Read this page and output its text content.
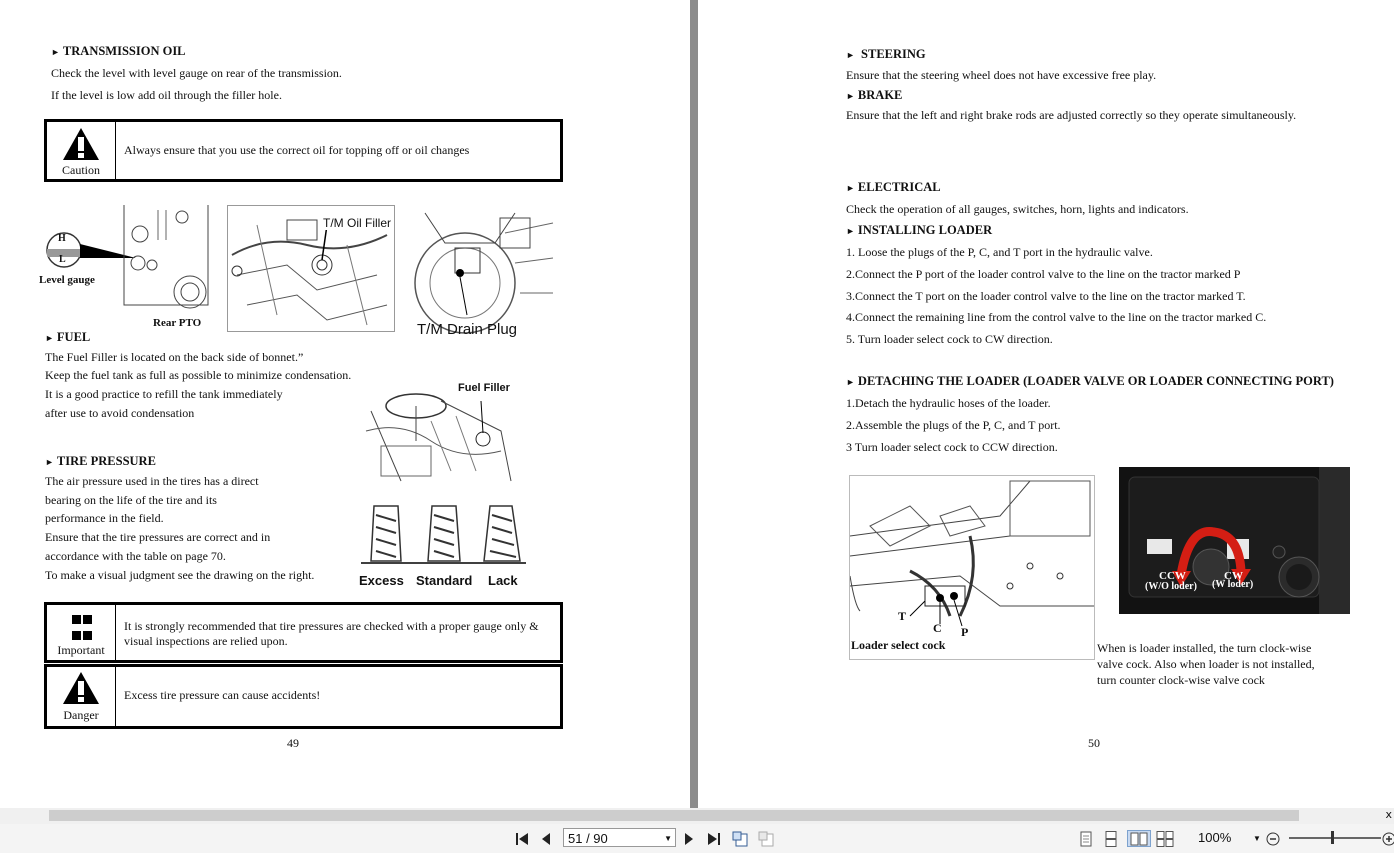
► TRANSMISSION OIL
Check the level with level gauge on rear of the transmission.
If the level is low add oil through the filler hole.
Caution
Always ensure that you use the correct oil for topping off or oil changes
H
L
Level gauge
Rear PTO
T/M Oil Filler
T/M Drain Plug
► FUEL
The Fuel Filler is located on the back side of bonnet.”
Keep the fuel tank as full as possible to minimize condensation.
It is a good practice to refill the tank immediately
after use to avoid condensation
Fuel Filler
► TIRE PRESSURE
The air pressure used in the tires has a direct
bearing on the life of the tire and its
performance in the field.
Ensure that the tire pressures are correct and in
accordance with the table on page 70.
To make a visual judgment see the drawing on the right.	Excess Standard Lack
Important
It is strongly recommended that tire pressures are checked with a proper gauge only & visual inspections are relied upon.
Danger
Excess tire pressure can cause accidents!
49
► STEERING
Ensure that the steering wheel does not have excessive free play.
► BRAKE
Ensure that the left and right brake rods are adjusted correctly so they operate simultaneously.
► ELECTRICAL
Check the operation of all gauges, switches, horn, lights and indicators.
► INSTALLING LOADER
1. Loose the plugs of the P, C, and T port in the hydraulic valve.
2.Connect the P port of the loader control valve to the line on the tractor marked P
3.Connect the T port on the loader control valve to the line on the tractor marked T.
4.Connect the remaining line from the control valve to the line on the tractor marked C.
5. Turn loader select cock to CW direction.
► DETACHING THE LOADER (LOADER VALVE OR LOADER CONNECTING PORT)
1.Detach the hydraulic hoses of the loader.
2.Assemble the plugs of the P, C, and T port.
3 Turn loader select cock to CCW direction.
T
C P
Loader select cock
CCW
(W/O loder)
CW
(W loder)
When is loader installed, the turn clock-wise
valve cock. Also when loader is not installed,
turn counter clock-wise valve cock
50
x
51 / 90	▼	100%	▼
